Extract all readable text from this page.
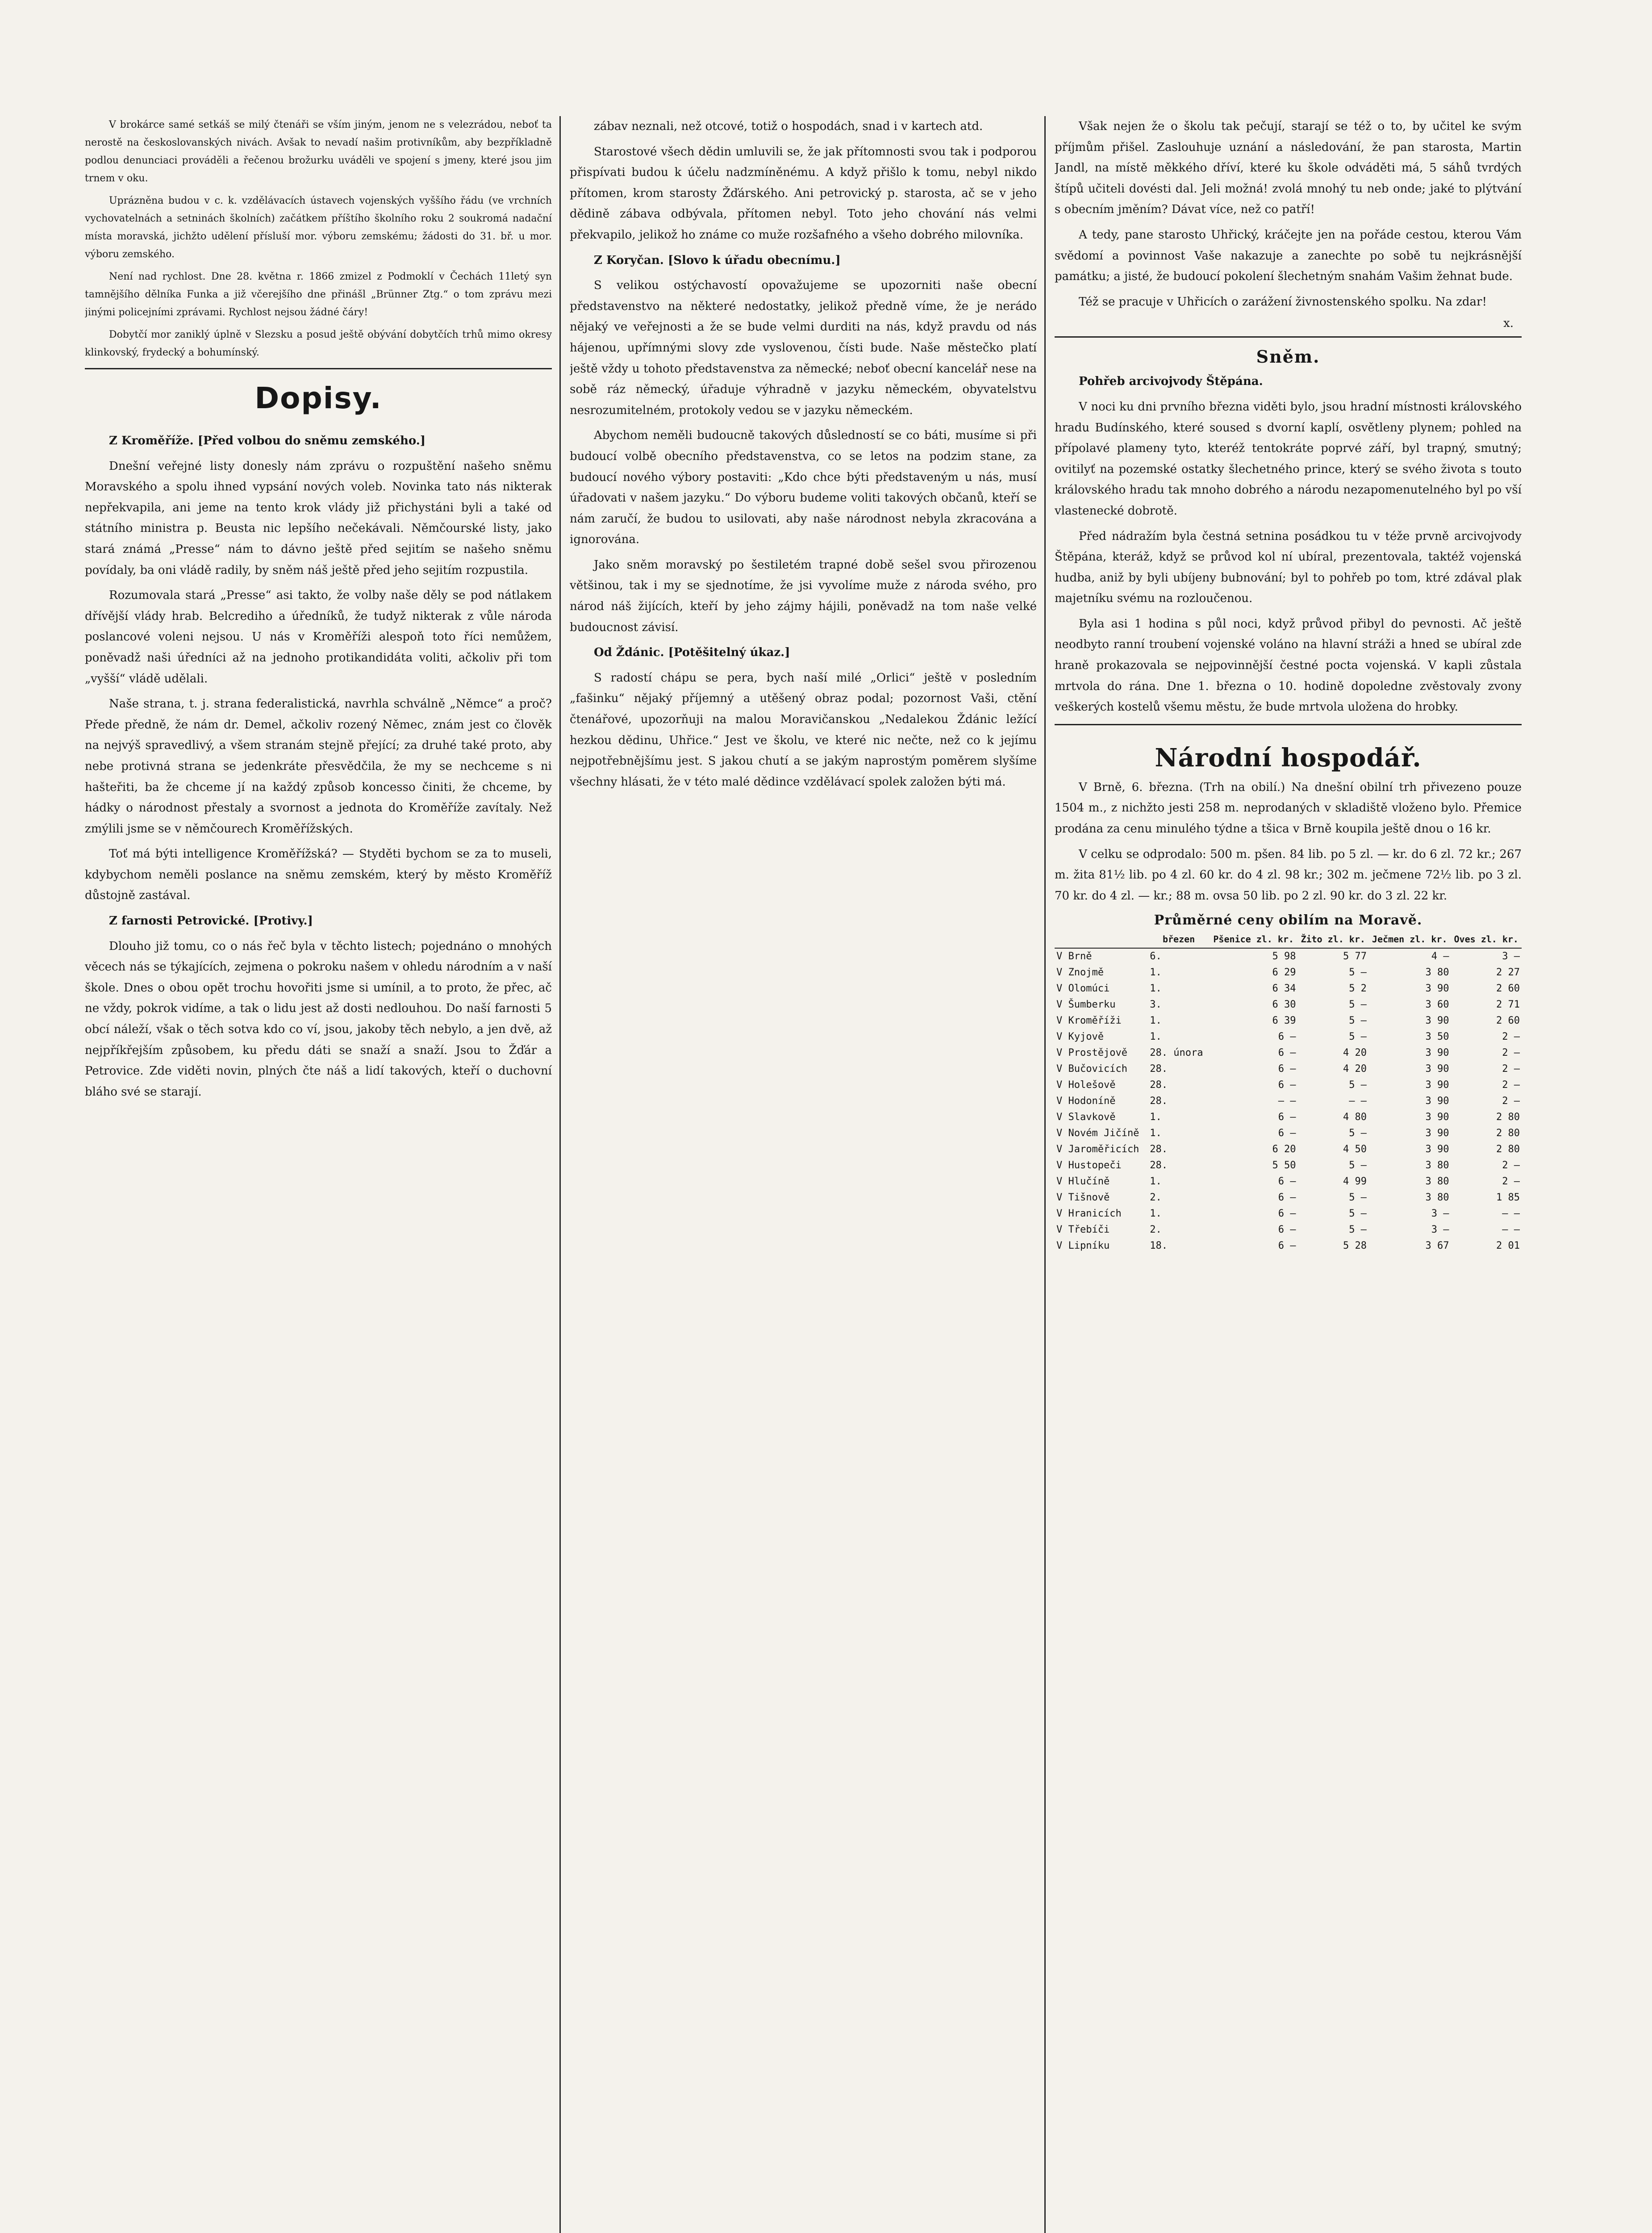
V brokárce samé setkáš se milý čtenáři se vším jiným, jenom ne s velezrádou, neboť ta nerostě na českoslovanských nivách. Avšak to nevadí našim protivníkům, aby bezpříkladně podlou denunciaci prováděli a řečenou brožurku uváděli ve spojení s jmeny, které jsou jim trnem v oku.

Uprázněna budou v c. k. vzdělávacích ústavech vojenských vyššího řádu (ve vrchních vychovatelnách a setninách školních) začátkem příštího školního roku 2 soukromá nadační místa moravská, jichžto udělení přísluší mor. výboru zemskému; žádosti do 31. bř. u mor. výboru zemského.

Není nad rychlost. Dne 28. května r. 1866 zmizel z Podmoklí v Čechách 11letý syn tamnějšího dělníka Funka a již včerejšího dne přinášl „Brünner Ztg.“ o tom zprávu mezi jinými policejními zprávami. Rychlost nejsou žádné čáry!

Dobytčí mor zaniklý úplně v Slezsku a posud ještě obývání dobytčích trhů mimo okresy klinkovský, frydecký a bohumínský.

Dopisy.

Z Kroměříže. [Před volbou do sněmu zemského.]

Dnešní veřejné listy donesly nám zprávu o rozpuštění našeho sněmu Moravského a spolu ihned vypsání nových voleb. Novinka tato nás nikterak nepřekvapila, ani jeme na tento krok vlády již přichystáni byli a také od státního ministra p. Beusta nic lepšího nečekávali. Němčourské listy, jako stará známá „Presse“ nám to dávno ještě před sejitím se našeho sněmu povídaly, ba oni vládě radily, by sněm náš ještě před jeho sejitím rozpustila.

Rozumovala stará „Presse“ asi takto, že volby naše děly se pod nátlakem dřívější vlády hrab. Belcrediho a úředníků, že tudyž nikterak z vůle národa poslancové voleni nejsou. U nás v Kroměříži alespoň toto říci nemůžem, poněvadž naši úředníci až na jednoho protikandidáta voliti, ačkoliv při tom „vyšší“ vládě udělali.

Naše strana, t. j. strana federalistická, navrhla schválně „Němce“ a proč? Přede předně, že nám dr. Demel, ačkoliv rozený Němec, znám jest co člověk na nejvýš spravedlivý, a všem stranám stejně přející; za druhé také proto, aby nebe protivná strana se jedenkráte přesvědčila, že my se nechceme s ni hašteřiti, ba že chceme jí na každý způsob koncesso činiti, že chceme, by hádky o národnost přestaly a svornost a jednota do Kroměříže zavítaly. Než zmýlili jsme se v němčourech Kroměřížských.

Toť má býti intelligence Kroměřížská? — Styděti bychom se za to museli, kdybychom neměli poslance na sněmu zemském, který by město Kroměříž důstojně zastával.

Z farnosti Petrovické. [Protivy.]

Dlouho již tomu, co o nás řeč byla v těchto listech; pojednáno o mnohých věcech nás se týkajících, zejmena o pokroku našem v ohledu národním a v naší škole. Dnes o obou opět trochu hovořiti jsme si umínil, a to proto, že přec, ač ne vždy, pokrok vidíme, a tak o lidu jest až dosti nedlouhou. Do naší farnosti 5 obcí náleží, však o těch sotva kdo co ví, jsou, jakoby těch nebylo, a jen dvě, až nejpříkřejším způsobem, ku předu dáti se snaží a snaží. Jsou to Žďár a Petrovice. Zde viděti novin, plných čte náš a lidí takových, kteří o duchovní bláho své se starají.

zábav neznali, než otcové, totiž o hospodách, snad i v kartech atd.

Starostové všech dědin umluvili se, že jak přítomnosti svou tak i podporou přispívati budou k účelu nadzmíněnému. A když přišlo k tomu, nebyl nikdo přítomen, krom starosty Žďárského. Ani petrovický p. starosta, ač se v jeho dědině zábava odbývala, přítomen nebyl. Toto jeho chování nás velmi překvapilo, jelikož ho známe co muže rozšafného a všeho dobrého milovníka.

Z Koryčan. [Slovo k úřadu obecnímu.]

S velikou ostýchavostí opovažujeme se upozorniti naše obecní představenstvo na některé nedostatky, jelikož předně víme, že je nerádo nějaký ve veřejnosti a že se bude velmi durditi na nás, když pravdu od nás hájenou, upřímnými slovy zde vyslovenou, čísti bude. Naše městečko platí ještě vždy u tohoto představenstva za německé; neboť obecní kancelář nese na sobě ráz německý, úřaduje výhradně v jazyku německém, obyvatelstvu nesrozumitelném, protokoly vedou se v jazyku německém.

Abychom neměli budoucně takových důsledností se co báti, musíme si při budoucí volbě obecního představenstva, co se letos na podzim stane, za budoucí nového výbory postaviti: „Kdo chce býti představeným u nás, musí úřadovati v našem jazyku.“ Do výboru budeme voliti takových občanů, kteří se nám zaručí, že budou to usilovati, aby naše národnost nebyla zkracována a ignorována.

Jako sněm moravský po šestiletém trapné době sešel svou přirozenou většinou, tak i my se sjednotíme, že jsi vyvolíme muže z národa svého, pro národ náš žijících, kteří by jeho zájmy hájili, poněvadž na tom naše velké budoucnost závisí.

Od Ždánic. [Potěšitelný úkaz.]

S radostí chápu se pera, bych naší milé „Orlici“ ještě v posledním „fašinku“ nějaký příjemný a utěšený obraz podal; pozornost Vaši, ctění čtenářové, upozorňuji na malou Moravičanskou „Nedalekou Ždánic ležící hezkou dědinu, Uhřice.“ Jest ve školu, ve které nic nečte, než co k jejímu nejpotřebnějšímu jest. S jakou chutí a se jakým naprostým poměrem slyšíme všechny hlásati, že v této malé dědince vzdělávací spolek založen býti má.

Však nejen že o školu tak pečují, starají se též o to, by učitel ke svým příjmům přišel. Zaslouhuje uznání a následování, že pan starosta, Martin Jandl, na místě měkkého dříví, které ku škole odváděti má, 5 sáhů tvrdých štípů učiteli dovésti dal. Jeli možná! zvolá mnohý tu neb onde; jaké to plýtvání s obecním jměním? Dávat více, než co patří!

A tedy, pane starosto Uhřický, kráčejte jen na pořáde cestou, kterou Vám svědomí a povinnost Vaše nakazuje a zanechte po sobě tu nejkrásnější památku; a jisté, že budoucí pokolení šlechetným snahám Vašim žehnat bude.

Též se pracuje v Uhřicích o zarážení živnostenského spolku. Na zdar!

x.
Sněm.

Pohřeb arcivojvody Štěpána.

V noci ku dni prvního března viděti bylo, jsou hradní místnosti královského hradu Budínského, které soused s dvorní kaplí, osvětleny plynem; pohled na přípolavé plameny tyto, kteréž tentokráte poprvé září, byl trapný, smutný; ovitilyť na pozemské ostatky šlechetného prince, který se svého života s touto královského hradu tak mnoho dobrého a národu nezapomenutelného byl po vší vlastenecké dobrotě.

Před nádražím byla čestná setnina posádkou tu v téže prvně arcivojvody Štěpána, kteráž, když se průvod kol ní ubíral, prezentovala, taktéž vojenská hudba, aniž by byli ubíjeny bubnování; byl to pohřeb po tom, ktré zdával plak majetníku svému na rozloučenou.

Byla asi 1 hodina s půl noci, když průvod přibyl do pevnosti. Ač ještě neodbyto ranní troubení vojenské voláno na hlavní stráži a hned se ubíral zde hraně prokazovala se nejpovinnější čestné pocta vojenská. V kapli zůstala mrtvola do rána. Dne 1. března o 10. hodině dopoledne zvěstovaly zvony veškerých kostelů všemu městu, že bude mrtvola uložena do hrobky.

Národní hospodář.

V Brně, 6. března. (Trh na obilí.) Na dnešní obilní trh přivezeno pouze 1504 m., z nichžto jesti 258 m. neprodaných v skladiště vloženo bylo. Přemice prodána za cenu minulého týdne a tšica v Brně koupila ještě dnou o 16 kr.

V celku se odprodalo: 500 m. pšen. 84 lib. po 5 zl. — kr. do 6 zl. 72 kr.; 267 m. žita 81½ lib. po 4 zl. 60 kr. do 4 zl. 98 kr.; 302 m. ječmene 72½ lib. po 3 zl. 70 kr. do 4 zl. — kr.; 88 m. ovsa 50 lib. po 2 zl. 90 kr. do 3 zl. 22 kr.

Průměrné ceny obilím na Moravě.
	březen	Pšenice zl. kr.	Žito zl. kr.	Ječmen zl. kr.	Oves zl. kr.
V Brně	6.	5 98	5 77	4 —	3 —
V Znojmě	1.	6 29	5 —	3 80	2 27
V Olomúci	1.	6 34	5 2	3 90	2 60
V Šumberku	3.	6 30	5 —	3 60	2 71
V Kroměříži	1.	6 39	5 —	3 90	2 60
V Kyjově	1.	6 —	5 —	3 50	2 —
V Prostějově	28. února	6 —	4 20	3 90	2 —
V Bučovicích	28.	6 —	4 20	3 90	2 —
V Holešově	28.	6 —	5 —	3 90	2 —
V Hodoníně	28.	— —	— —	3 90	2 —
V Slavkově	1.	6 —	4 80	3 90	2 80
V Novém Jičíně	1.	6 —	5 —	3 90	2 80
V Jaroměřicích	28.	6 20	4 50	3 90	2 80
V Hustopeči	28.	5 50	5 —	3 80	2 —
V Hlučíně	1.	6 —	4 99	3 80	2 —
V Tišnově	2.	6 —	5 —	3 80	1 85
V Hranicích	1.	6 —	5 —	3 —	— —
V Třebíči	2.	6 —	5 —	3 —	— —
V Lipníku	18.	6 —	5 28	3 67	2 01
